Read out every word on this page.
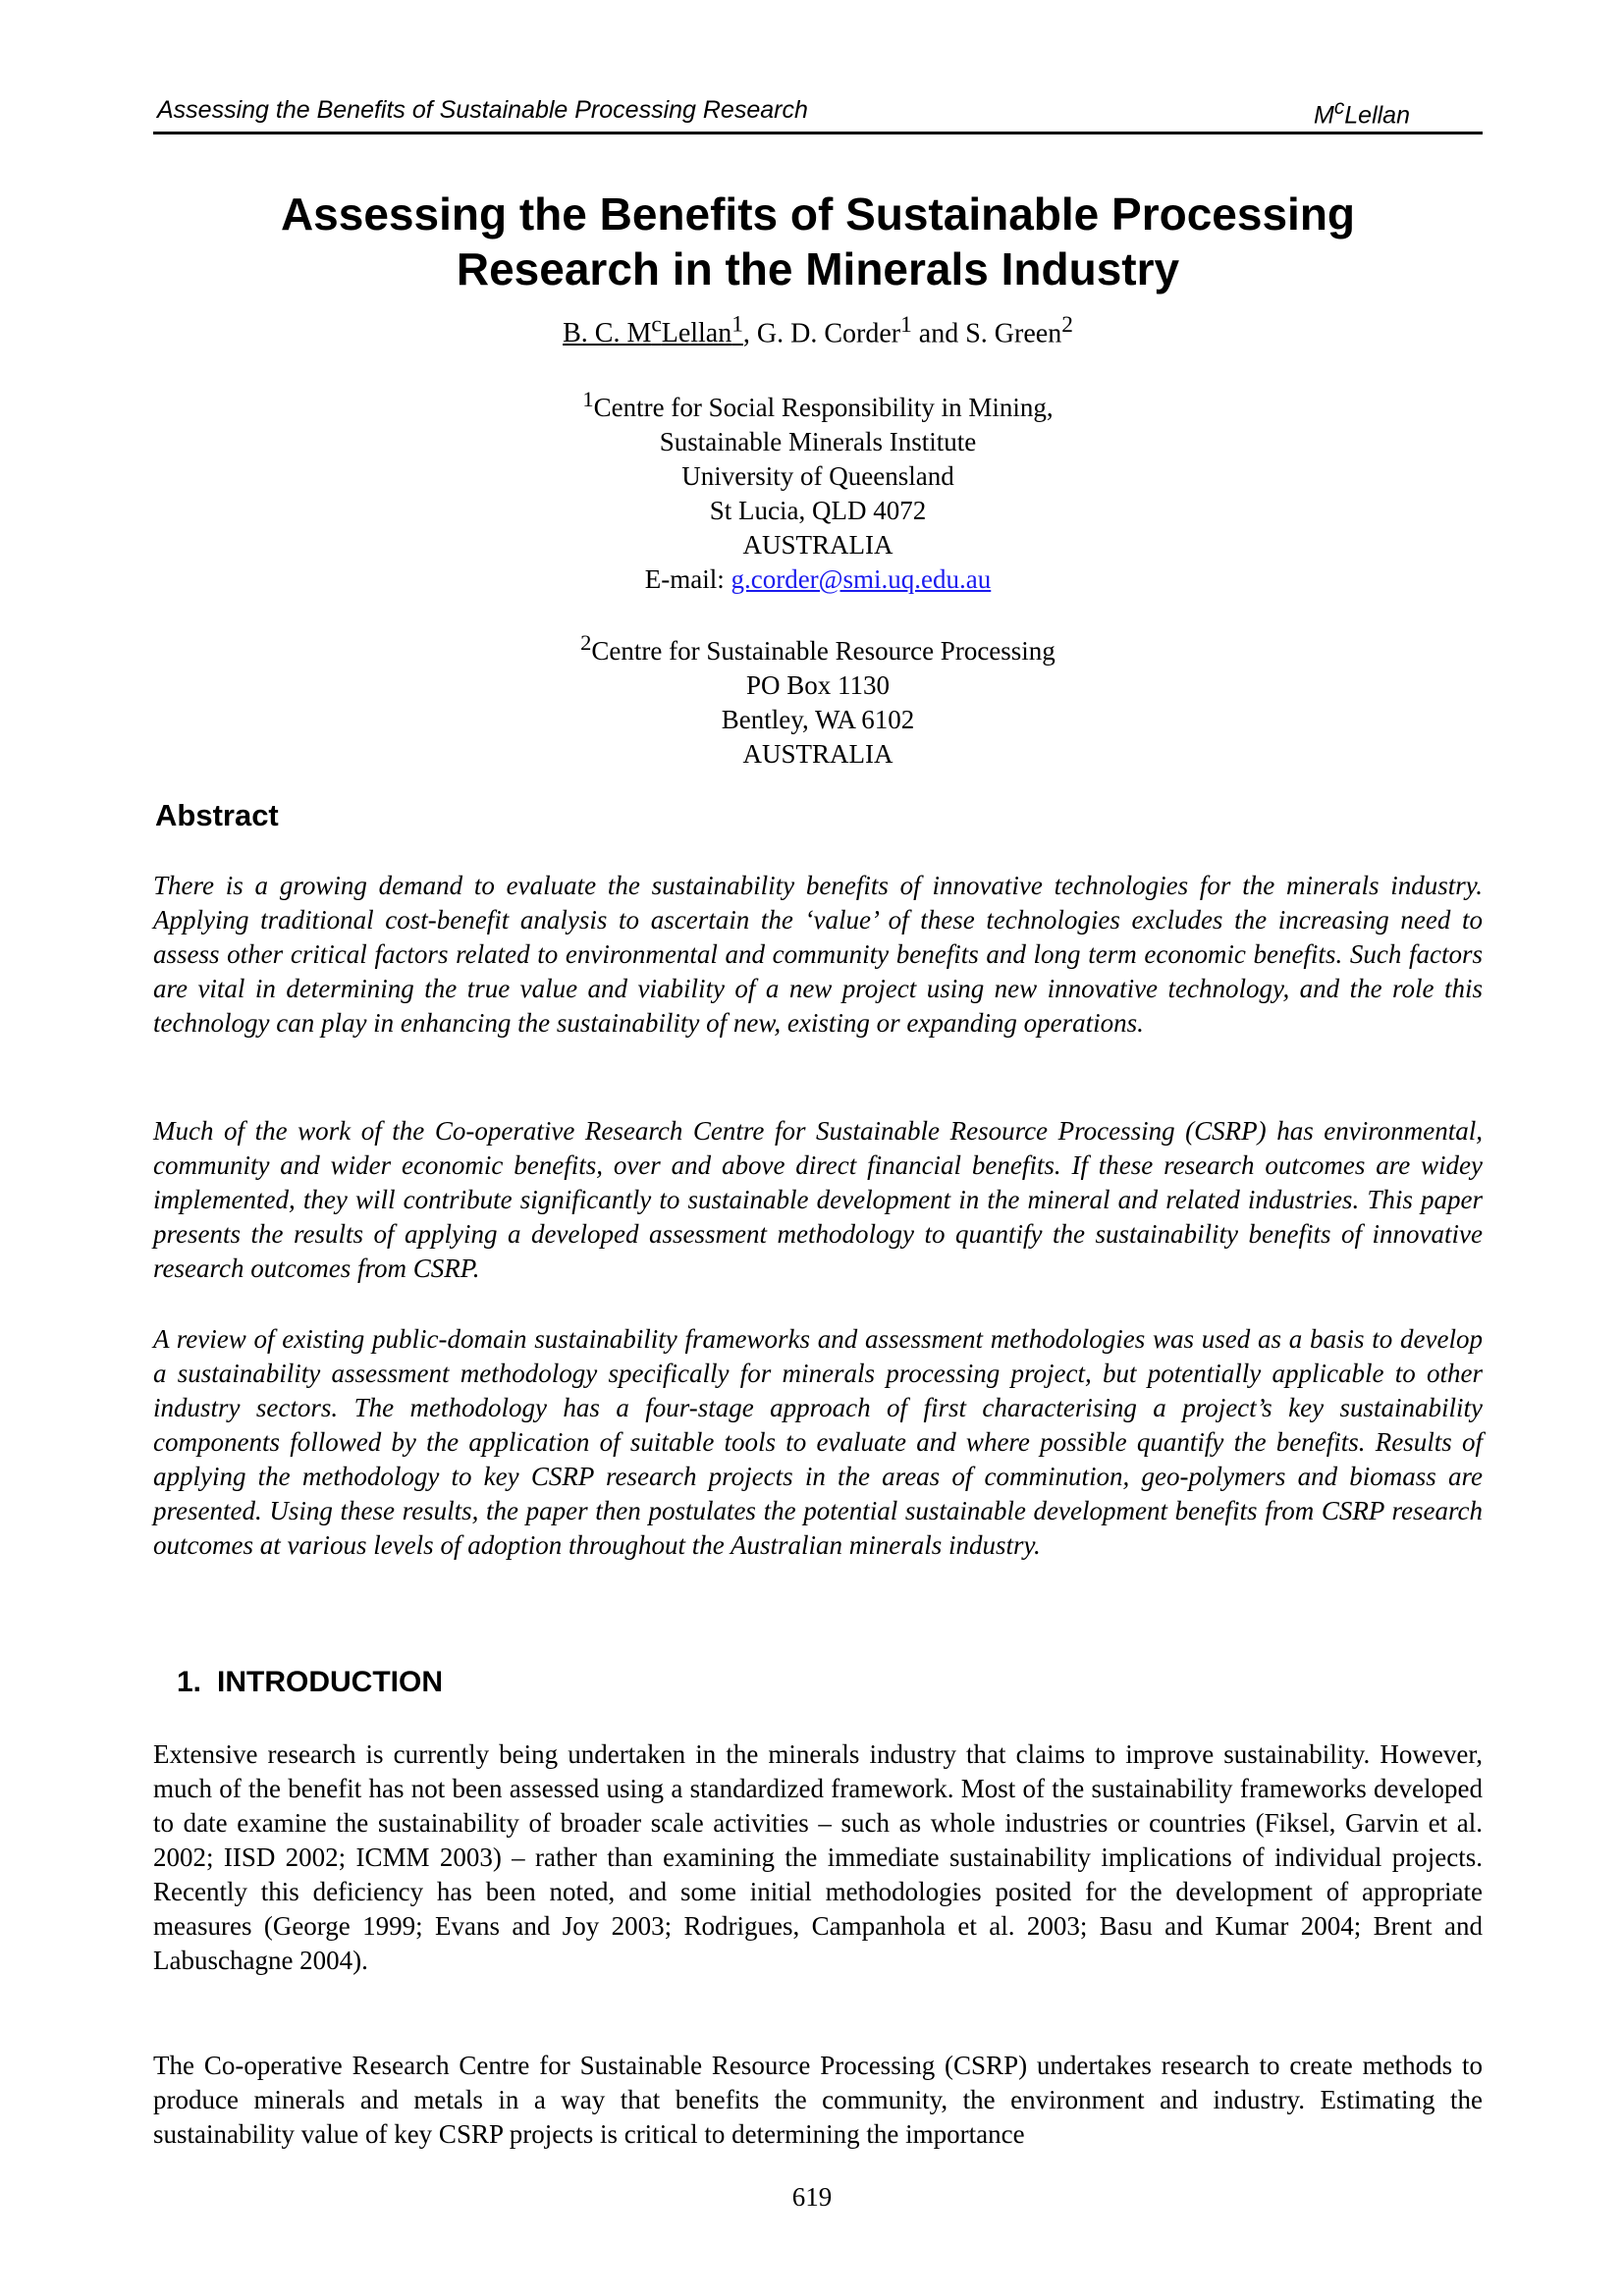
Assessing the Benefits of Sustainable Processing Research	$M^cLellan$
Assessing the Benefits of Sustainable Processing
Research in the Minerals Industry
B. C. $M^cLellan^1$, G. D. Corder$^1$ and S. Green$^2$
$^1$Centre for Social Responsibility in Mining,
Sustainable Minerals Institute
University of Queensland
St Lucia, QLD 4072
AUSTRALIA
E-mail: g.corder@smi.uq.edu.au
$^2$Centre for Sustainable Resource Processing
PO Box 1130
Bentley, WA 6102
AUSTRALIA
Abstract

There is a growing demand to evaluate the sustainability benefits of innovative technologies for the minerals industry. Applying traditional cost-benefit analysis to ascertain the ‘value’ of these technologies excludes the increasing need to assess other critical factors related to environmental and community benefits and long term economic benefits. Such factors are vital in determining the true value and viability of a new project using new innovative technology, and the role this technology can play in enhancing the sustainability of new, existing or expanding operations.

Much of the work of the Co-operative Research Centre for Sustainable Resource Processing (CSRP) has environmental, community and wider economic benefits, over and above direct financial benefits. If these research outcomes are widey implemented, they will contribute significantly to sustainable development in the mineral and related industries. This paper presents the results of applying a developed assessment methodology to quantify the sustainability benefits of innovative research outcomes from CSRP.

A review of existing public-domain sustainability frameworks and assessment methodologies was used as a basis to develop a sustainability assessment methodology specifically for minerals processing project, but potentially applicable to other industry sectors. The methodology has a four-stage approach of first characterising a project’s key sustainability components followed by the application of suitable tools to evaluate and where possible quantify the benefits. Results of applying the methodology to key CSRP research projects in the areas of comminution, geo-polymers and biomass are presented. Using these results, the paper then postulates the potential sustainable development benefits from CSRP research outcomes at various levels of adoption throughout the Australian minerals industry.

1. INTRODUCTION

Extensive research is currently being undertaken in the minerals industry that claims to improve sustainability. However, much of the benefit has not been assessed using a standardized framework. Most of the sustainability frameworks developed to date examine the sustainability of broader scale activities – such as whole industries or countries (Fiksel, Garvin et al. 2002; IISD 2002; ICMM 2003) – rather than examining the immediate sustainability implications of individual projects. Recently this deficiency has been noted, and some initial methodologies posited for the development of appropriate measures (George 1999; Evans and Joy 2003; Rodrigues, Campanhola et al. 2003; Basu and Kumar 2004; Brent and Labuschagne 2004).

The Co-operative Research Centre for Sustainable Resource Processing (CSRP) undertakes research to create methods to produce minerals and metals in a way that benefits the community, the environment and industry. Estimating the sustainability value of key CSRP projects is critical to determining the importance

619
